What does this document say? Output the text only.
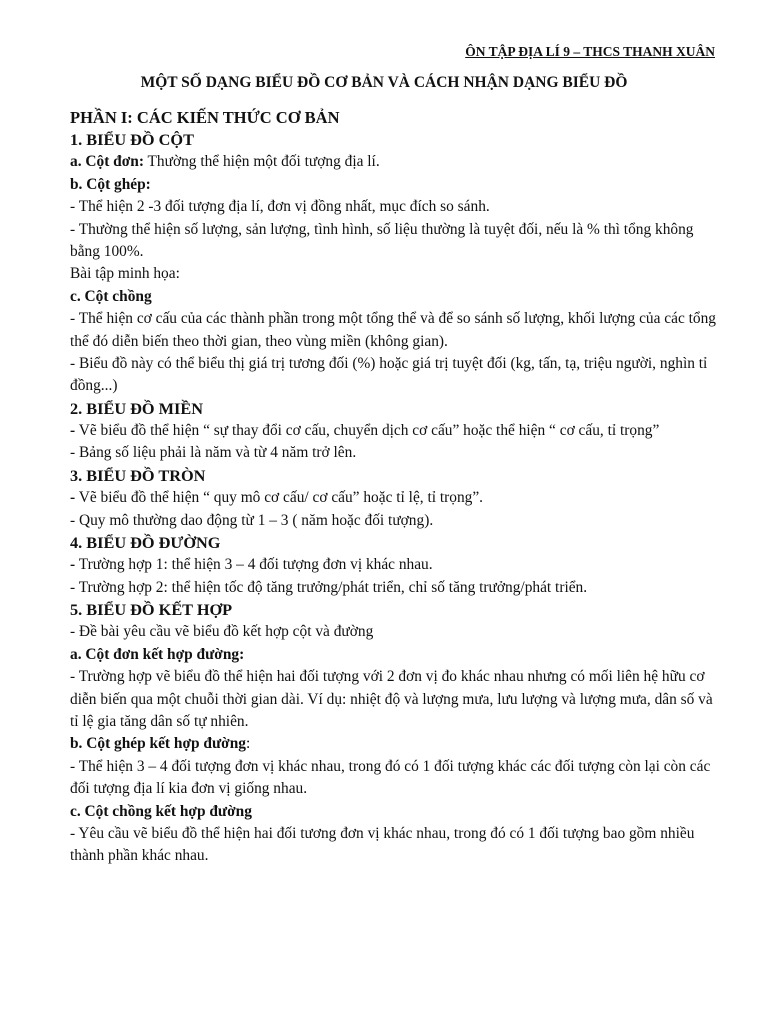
ÔN TẬP ĐỊA LÍ 9 – THCS THANH XUÂN
MỘT SỐ DẠNG BIỂU ĐỒ CƠ BẢN VÀ CÁCH NHẬN DẠNG BIỂU ĐỒ

PHẦN I: CÁC KIẾN THỨC CƠ BẢN

1. BIỂU ĐỒ CỘT

a. Cột đơn: Thường thể hiện một đối tượng địa lí.

b. Cột ghép:

- Thể hiện 2 -3 đối tượng địa lí, đơn vị đồng nhất, mục đích so sánh.

- Thường thể hiện số lượng, sản lượng, tình hình, số liệu thường là tuyệt đối, nếu là % thì tổng không bằng 100%.

Bài tập minh họa:

c. Cột chồng

- Thể hiện cơ cấu của các thành phần trong một tổng thể và để so sánh số lượng, khối lượng của các tổng thể đó diễn biến theo thời gian, theo vùng miền (không gian).

- Biểu đồ này có thể biểu thị giá trị tương đối (%) hoặc giá trị tuyệt đối (kg, tấn, tạ, triệu người, nghìn tỉ đồng...)

2. BIỂU ĐỒ MIỀN

- Vẽ biểu đồ thể hiện “ sự thay đổi cơ cấu, chuyển dịch cơ cấu” hoặc thể hiện “ cơ cấu, tỉ trọng”

- Bảng số liệu phải là năm và từ 4 năm trở lên.

3. BIỂU ĐỒ TRÒN

- Vẽ biểu đồ thể hiện “ quy mô cơ cấu/ cơ cấu” hoặc tỉ lệ, tỉ trọng”.

- Quy mô thường dao động từ 1 – 3 ( năm hoặc đối tượng).

4. BIỂU ĐỒ ĐƯỜNG

- Trường hợp 1: thể hiện 3 – 4 đối tượng đơn vị khác nhau.

- Trường hợp 2: thể hiện tốc độ tăng trưởng/phát triển, chỉ số tăng trưởng/phát triển.

5. BIỂU ĐỒ KẾT HỢP

- Đề bài yêu cầu vẽ biểu đồ kết hợp cột và đường

a. Cột đơn kết hợp đường:

- Trường hợp vẽ biểu đồ thể hiện hai đối tượng với 2 đơn vị đo khác nhau nhưng có mối liên hệ hữu cơ diễn biến qua một chuỗi thời gian dài. Ví dụ: nhiệt độ và lượng mưa, lưu lượng và lượng mưa, dân số và tỉ lệ gia tăng dân số tự nhiên.

b. Cột ghép kết hợp đường:

- Thể hiện 3 – 4 đối tượng đơn vị khác nhau, trong đó có 1 đối tượng khác các đối tượng còn lại còn các đối tượng địa lí kia đơn vị giống nhau.

c. Cột chồng kết hợp đường

- Yêu cầu vẽ biểu đồ thể hiện hai đối tương đơn vị khác nhau, trong đó có 1 đối tượng bao gồm nhiều thành phần khác nhau.
